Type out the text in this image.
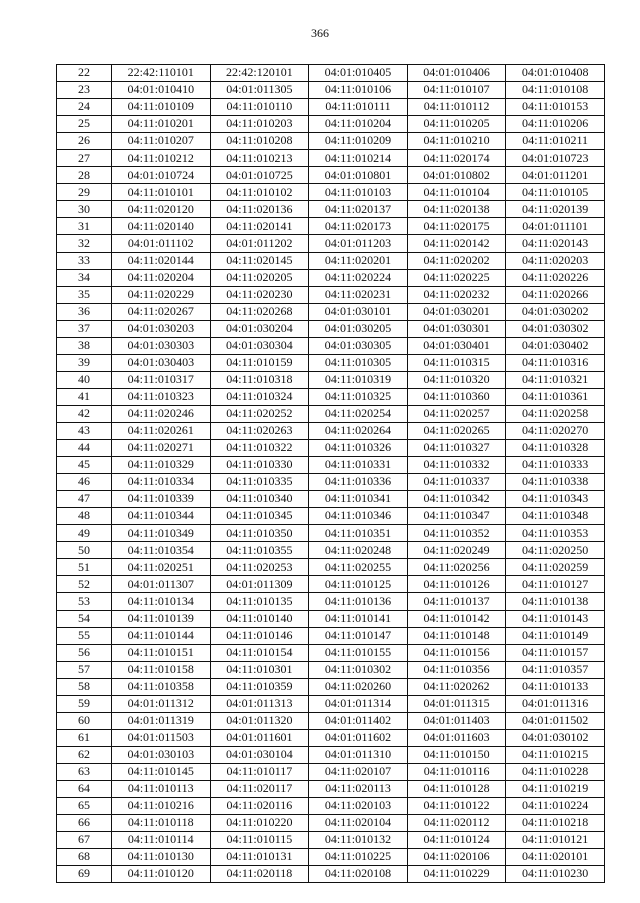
366
22	22:42:110101	22:42:120101	04:01:010405	04:01:010406	04:01:010408
23	04:01:010410	04:01:011305	04:11:010106	04:11:010107	04:11:010108
24	04:11:010109	04:11:010110	04:11:010111	04:11:010112	04:11:010153
25	04:11:010201	04:11:010203	04:11:010204	04:11:010205	04:11:010206
26	04:11:010207	04:11:010208	04:11:010209	04:11:010210	04:11:010211
27	04:11:010212	04:11:010213	04:11:010214	04:11:020174	04:01:010723
28	04:01:010724	04:01:010725	04:01:010801	04:01:010802	04:01:011201
29	04:11:010101	04:11:010102	04:11:010103	04:11:010104	04:11:010105
30	04:11:020120	04:11:020136	04:11:020137	04:11:020138	04:11:020139
31	04:11:020140	04:11:020141	04:11:020173	04:11:020175	04:01:011101
32	04:01:011102	04:01:011202	04:01:011203	04:11:020142	04:11:020143
33	04:11:020144	04:11:020145	04:11:020201	04:11:020202	04:11:020203
34	04:11:020204	04:11:020205	04:11:020224	04:11:020225	04:11:020226
35	04:11:020229	04:11:020230	04:11:020231	04:11:020232	04:11:020266
36	04:11:020267	04:11:020268	04:01:030101	04:01:030201	04:01:030202
37	04:01:030203	04:01:030204	04:01:030205	04:01:030301	04:01:030302
38	04:01:030303	04:01:030304	04:01:030305	04:01:030401	04:01:030402
39	04:01:030403	04:11:010159	04:11:010305	04:11:010315	04:11:010316
40	04:11:010317	04:11:010318	04:11:010319	04:11:010320	04:11:010321
41	04:11:010323	04:11:010324	04:11:010325	04:11:010360	04:11:010361
42	04:11:020246	04:11:020252	04:11:020254	04:11:020257	04:11:020258
43	04:11:020261	04:11:020263	04:11:020264	04:11:020265	04:11:020270
44	04:11:020271	04:11:010322	04:11:010326	04:11:010327	04:11:010328
45	04:11:010329	04:11:010330	04:11:010331	04:11:010332	04:11:010333
46	04:11:010334	04:11:010335	04:11:010336	04:11:010337	04:11:010338
47	04:11:010339	04:11:010340	04:11:010341	04:11:010342	04:11:010343
48	04:11:010344	04:11:010345	04:11:010346	04:11:010347	04:11:010348
49	04:11:010349	04:11:010350	04:11:010351	04:11:010352	04:11:010353
50	04:11:010354	04:11:010355	04:11:020248	04:11:020249	04:11:020250
51	04:11:020251	04:11:020253	04:11:020255	04:11:020256	04:11:020259
52	04:01:011307	04:01:011309	04:11:010125	04:11:010126	04:11:010127
53	04:11:010134	04:11:010135	04:11:010136	04:11:010137	04:11:010138
54	04:11:010139	04:11:010140	04:11:010141	04:11:010142	04:11:010143
55	04:11:010144	04:11:010146	04:11:010147	04:11:010148	04:11:010149
56	04:11:010151	04:11:010154	04:11:010155	04:11:010156	04:11:010157
57	04:11:010158	04:11:010301	04:11:010302	04:11:010356	04:11:010357
58	04:11:010358	04:11:010359	04:11:020260	04:11:020262	04:11:010133
59	04:01:011312	04:01:011313	04:01:011314	04:01:011315	04:01:011316
60	04:01:011319	04:01:011320	04:01:011402	04:01:011403	04:01:011502
61	04:01:011503	04:01:011601	04:01:011602	04:01:011603	04:01:030102
62	04:01:030103	04:01:030104	04:01:011310	04:11:010150	04:11:010215
63	04:11:010145	04:11:010117	04:11:020107	04:11:010116	04:11:010228
64	04:11:010113	04:11:020117	04:11:020113	04:11:010128	04:11:010219
65	04:11:010216	04:11:020116	04:11:020103	04:11:010122	04:11:010224
66	04:11:010118	04:11:010220	04:11:020104	04:11:020112	04:11:010218
67	04:11:010114	04:11:010115	04:11:010132	04:11:010124	04:11:010121
68	04:11:010130	04:11:010131	04:11:010225	04:11:020106	04:11:020101
69	04:11:010120	04:11:020118	04:11:020108	04:11:010229	04:11:010230
